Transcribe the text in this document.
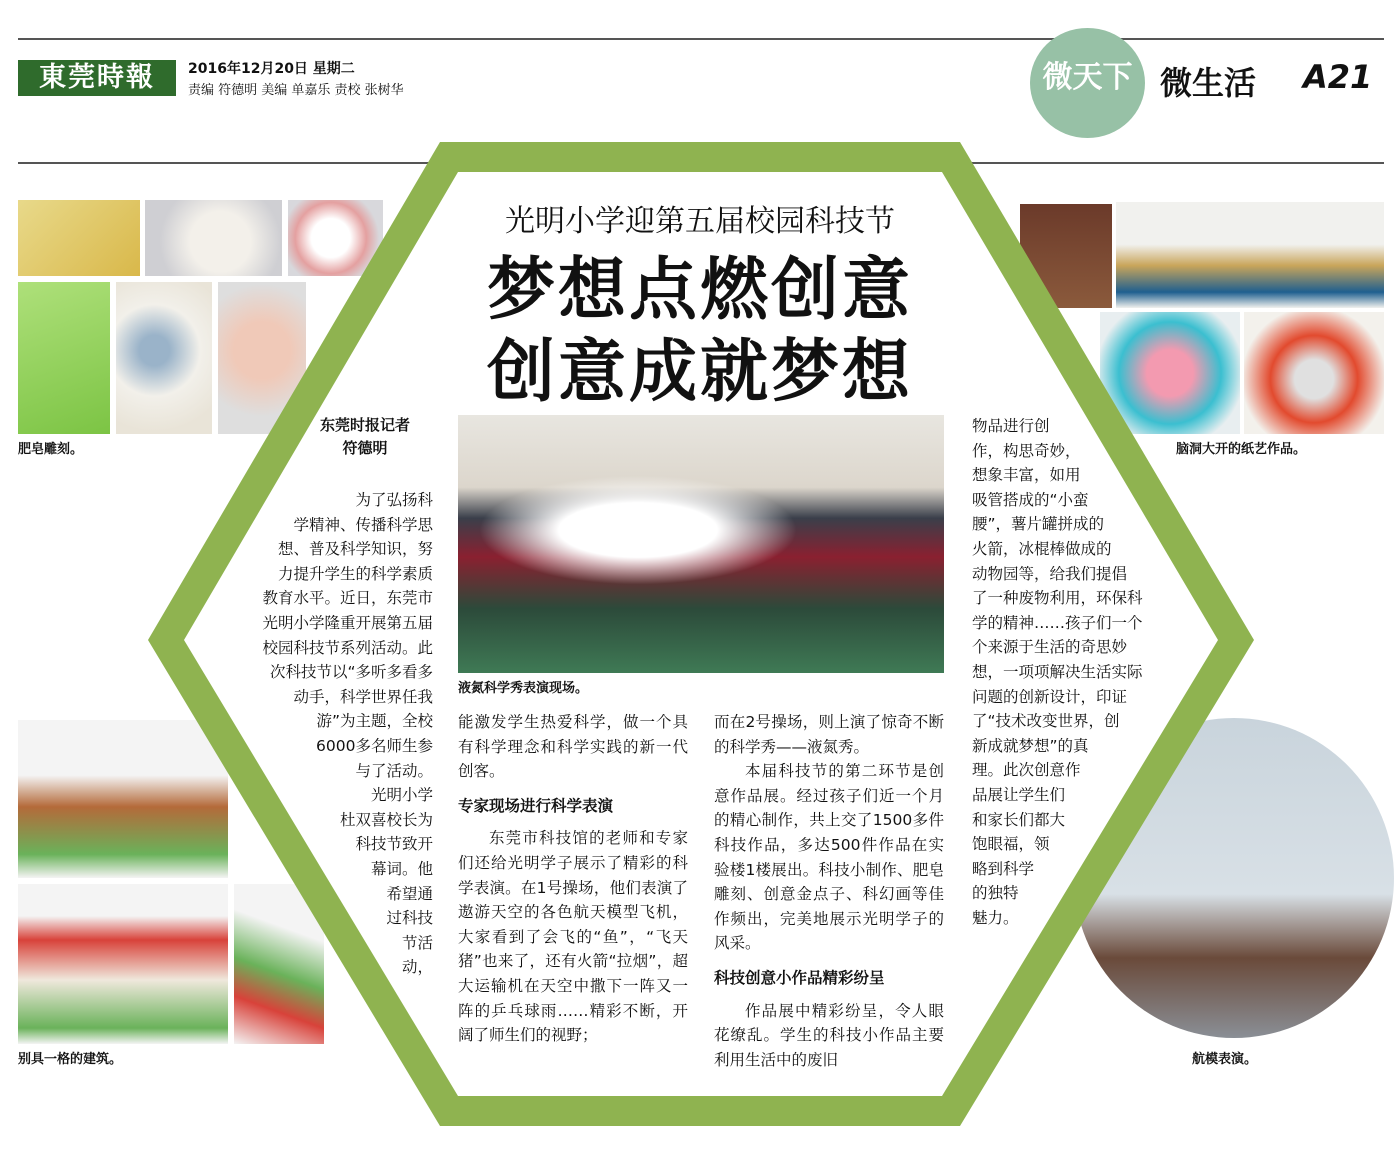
東莞時報	2016年12月20日 星期二
责编 符德明 美编 单嘉乐 责校 张树华	微天下 微生活 A21
肥皂雕刻。	脑洞大开的纸艺作品。
别具一格的建筑。	航模表演。
光明小学迎第五届校园科技节
梦想点燃创意
创意成就梦想
东莞时报记者
符德明
液氮科学秀表演现场。
为了弘扬科
学精神、传播科学思
想、普及科学知识，努
力提升学生的科学素质
教育水平。近日，东莞市
光明小学隆重开展第五届
校园科技节系列活动。此
次科技节以“多听多看多
动手，科学世界任我
游”为主题，全校
6000多名师生参
与了活动。
光明小学
杜双喜校长为
科技节致开
幕词。他
希望通
过科技
节活
动，

能激发学生热爱科学，做一个具有科学理念和科学实践的新一代创客。

专家现场进行科学表演

东莞市科技馆的老师和专家们还给光明学子展示了精彩的科学表演。在1号操场，他们表演了遨游天空的各色航天模型飞机，大家看到了会飞的“鱼”，“飞天猪”也来了，还有火箭“拉烟”，超大运输机在天空中撒下一阵又一阵的乒乓球雨……精彩不断，开阔了师生们的视野；

而在2号操场，则上演了惊奇不断的科学秀——液氮秀。

本届科技节的第二环节是创意作品展。经过孩子们近一个月的精心制作，共上交了1500多件科技作品，多达500件作品在实验楼1楼展出。科技小制作、肥皂雕刻、创意金点子、科幻画等佳作频出，完美地展示光明学子的风采。

科技创意小作品精彩纷呈

作品展中精彩纷呈，令人眼花缭乱。学生的科技小作品主要利用生活中的废旧

物品进行创
作，构思奇妙，
想象丰富，如用
吸管搭成的“小蛮
腰”，薯片罐拼成的
火箭，冰棍棒做成的
动物园等，给我们提倡
了一种废物利用，环保科
学的精神……孩子们一个
个来源于生活的奇思妙
想，一项项解决生活实际
问题的创新设计，印证
了“技术改变世界，创
新成就梦想”的真
理。此次创意作
品展让学生们
和家长们都大
饱眼福，领
略到科学
的独特
魅力。
